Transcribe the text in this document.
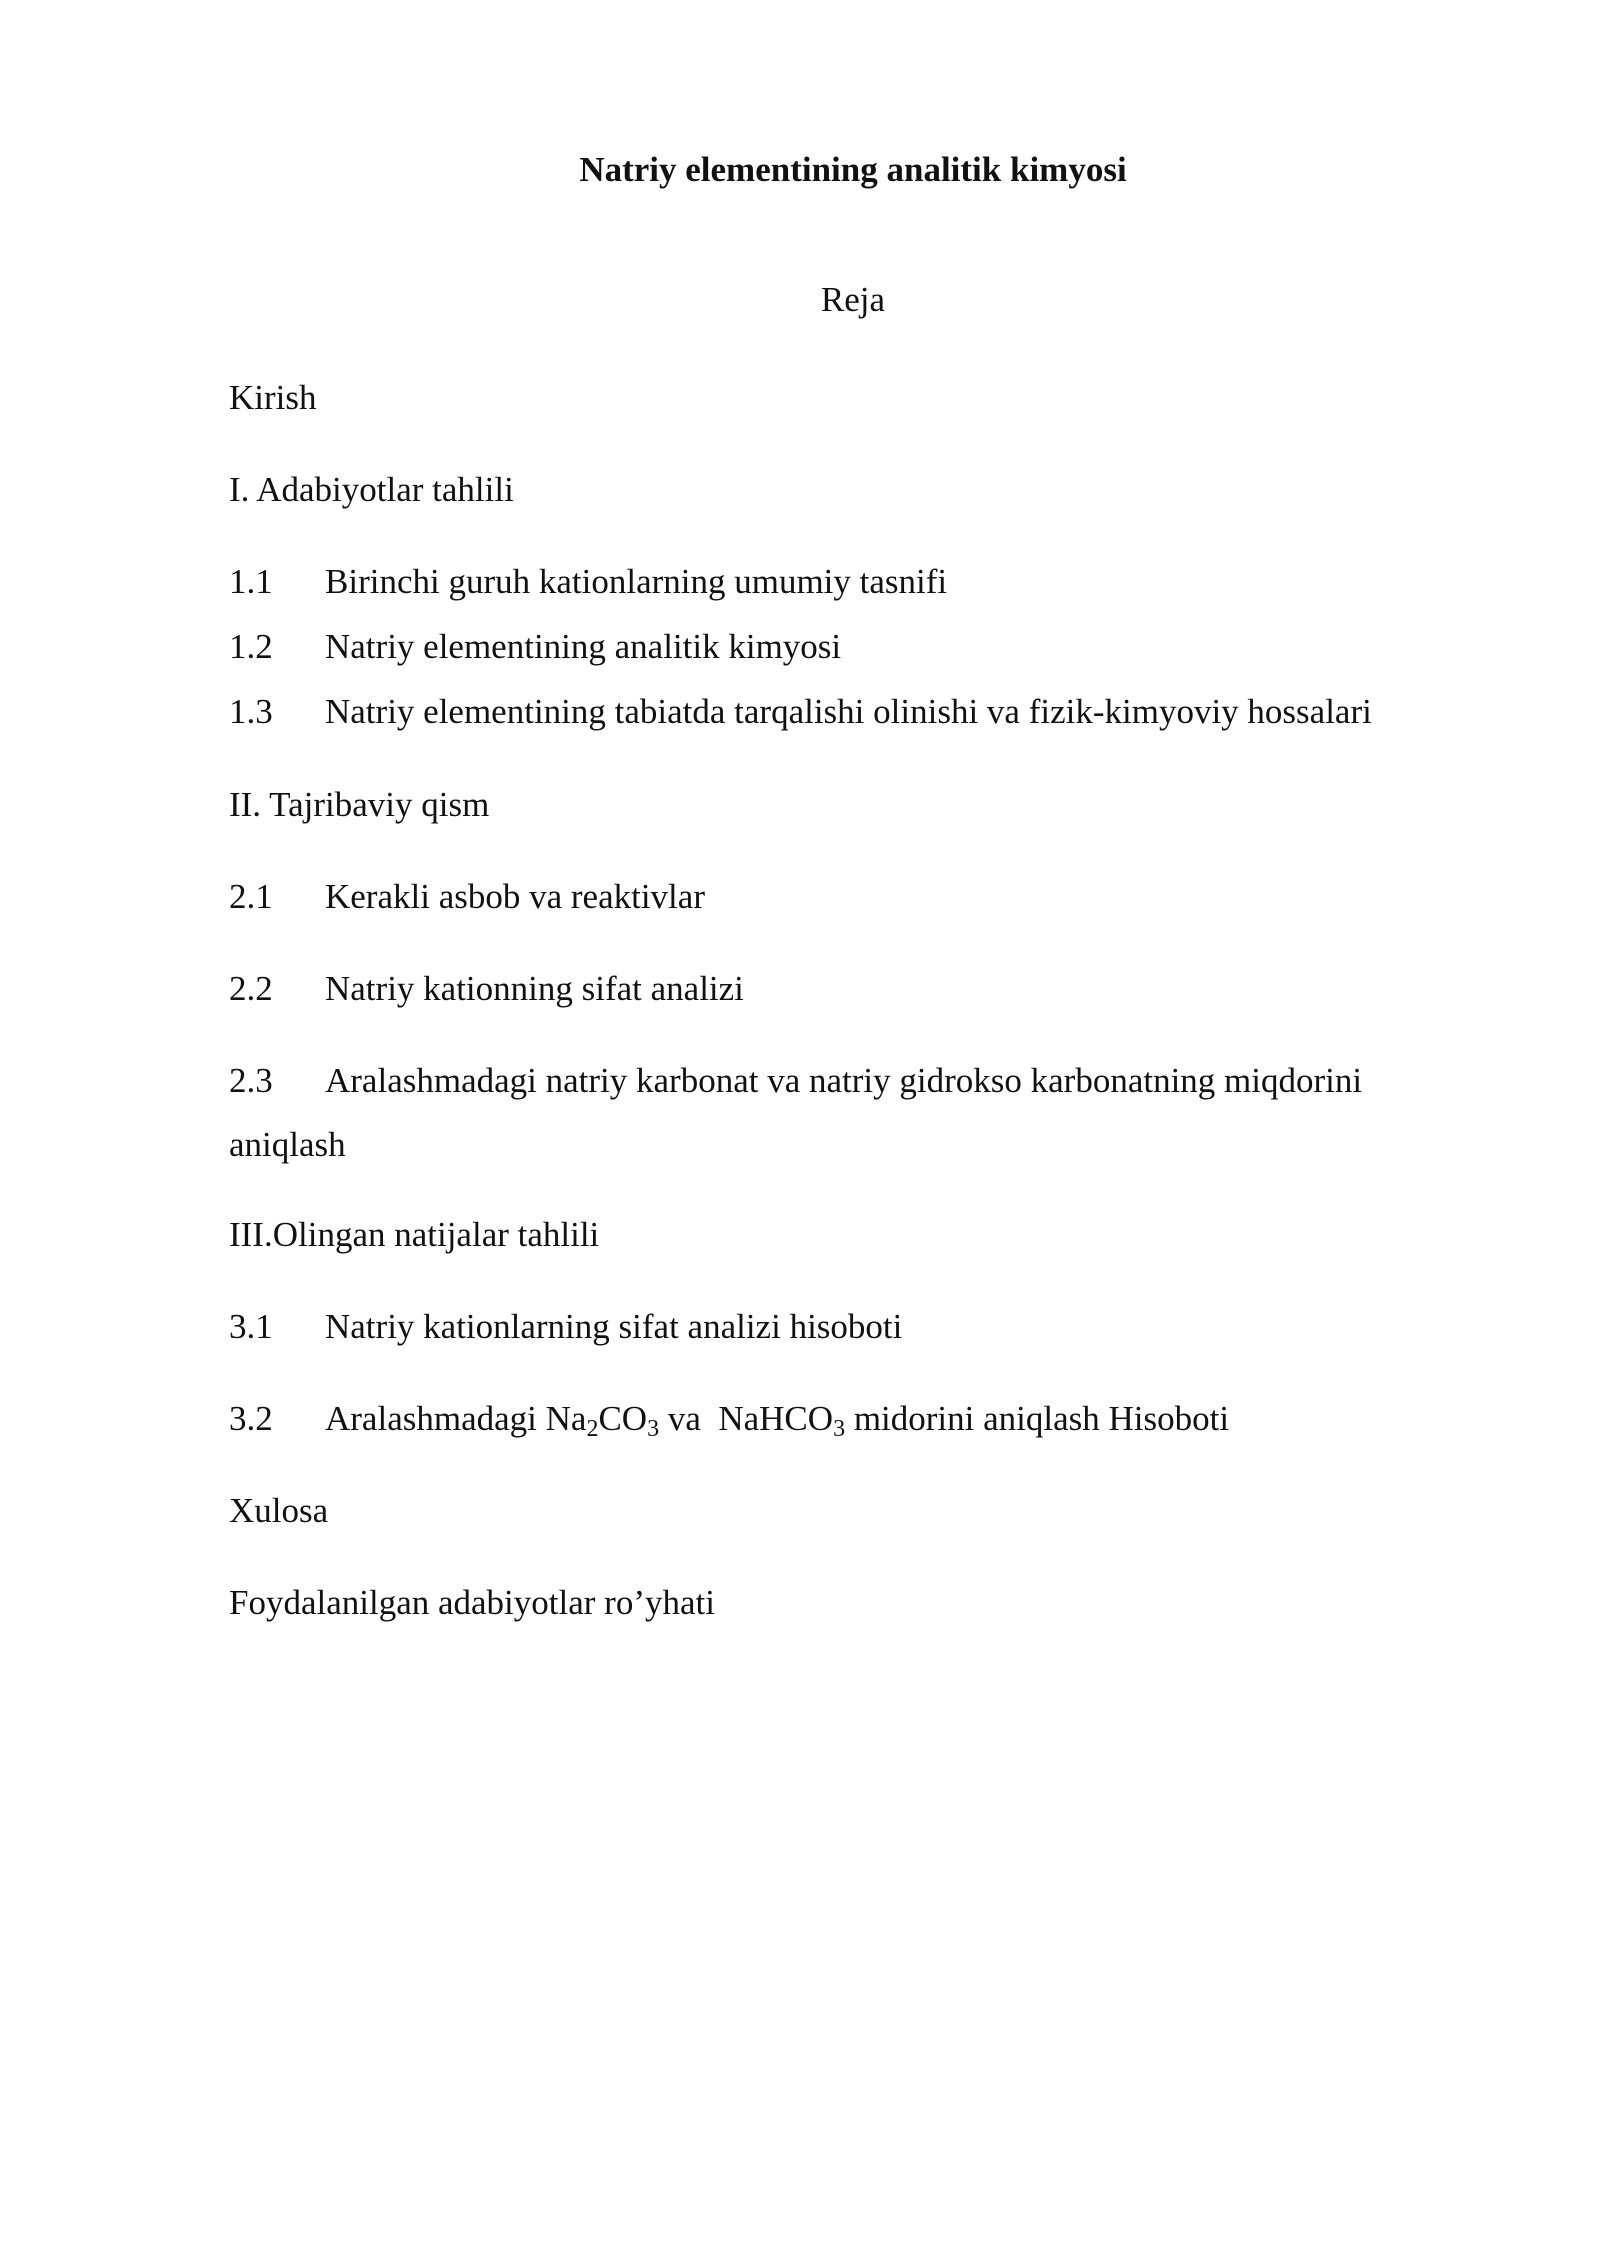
Natriy elementining analitik kimyosi
Reja
Kirish
I. Adabiyotlar tahlili
1.1 Birinchi guruh kationlarning umumiy tasnifi
1.2 Natriy elementining analitik kimyosi
1.3 Natriy elementining tabiatda tarqalishi olinishi va fizik-kimyoviy hossalari
II. Tajribaviy qism
2.1 Kerakli asbob va reaktivlar
2.2 Natriy kationning sifat analizi
2.3 Aralashmadagi natriy karbonat va natriy gidrokso karbonatning miqdorini aniqlash
III.Olingan natijalar tahlili
3.1 Natriy kationlarning sifat analizi hisoboti
3.2 Aralashmadagi $Na_2CO_3$ va  NaHCO$_3$ midorini aniqlash Hisoboti
Xulosa
Foydalanilgan adabiyotlar ro’yhati
